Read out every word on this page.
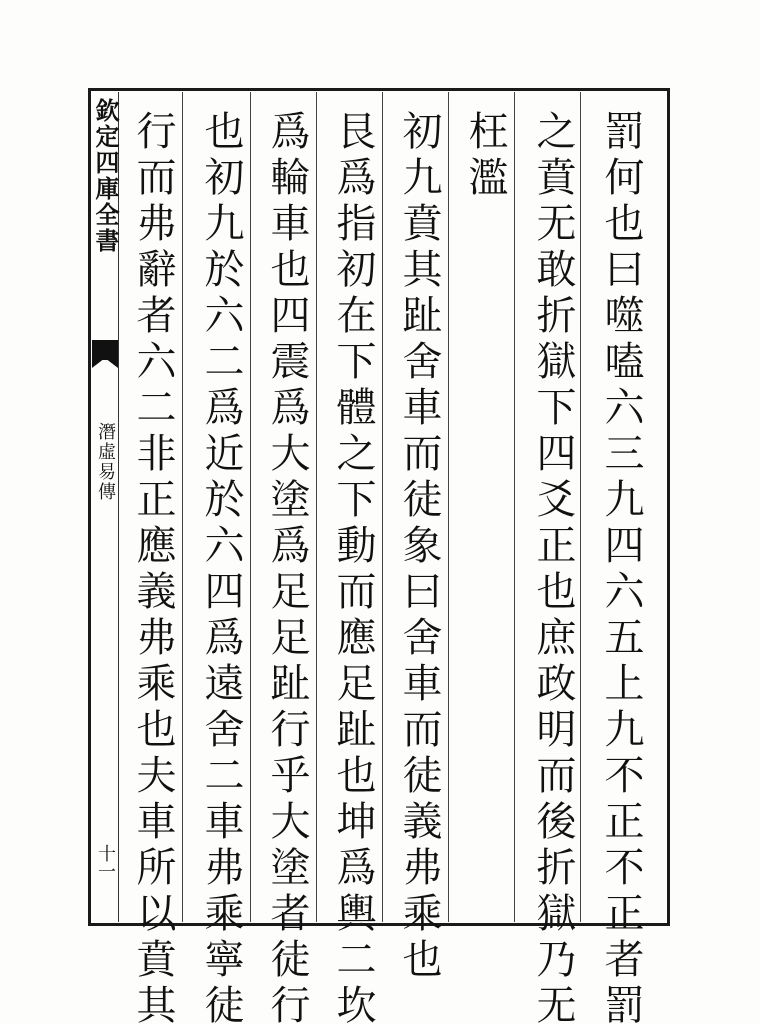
欽定四庫全書
潛虛易傳
十一	罰何也曰噬嗑六三九四六五上九不正不正者罰
之賁无敢折獄下四爻正也庶政明而後折獄乃无
枉濫
初九賁其趾舍車而徒象曰舍車而徒義弗乘也
艮爲指初在下體之下動而應足趾也坤爲輿二坎
爲輪車也四震爲大塗爲足足趾行乎大塗者徒行
也初九於六二爲近於六四爲遠舍二車弗乘寧徒
行而弗辭者六二非正應義弗乘也夫車所以賁其
